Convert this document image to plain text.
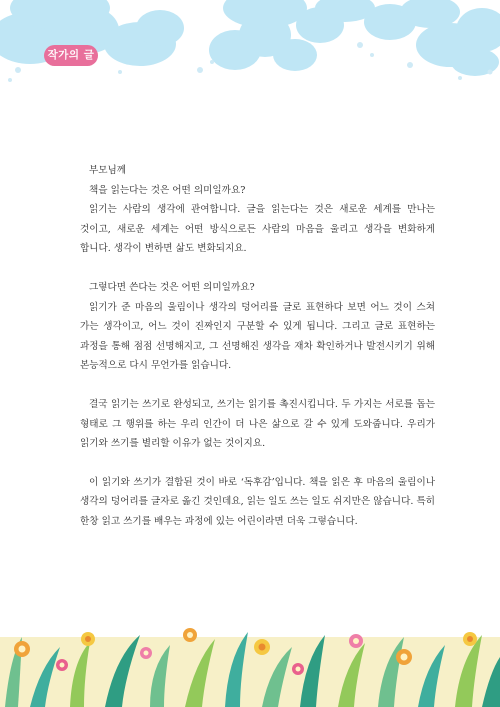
작가의 글

부모님께

책을 읽는다는 것은 어떤 의미일까요?

읽기는 사람의 생각에 관여합니다. 글을 읽는다는 것은 새로운 세계를 만나는 것이고, 새로운 세계는 어떤 방식으로든 사람의 마음을 울리고 생각을 변화하게 합니다. 생각이 변하면 삶도 변화되지요.

그렇다면 쓴다는 것은 어떤 의미일까요?

읽기가 준 마음의 울림이나 생각의 덩어리를 글로 표현하다 보면 어느 것이 스쳐 가는 생각이고, 어느 것이 진짜인지 구분할 수 있게 됩니다. 그리고 글로 표현하는 과정을 통해 점점 선명해지고, 그 선명해진 생각을 재차 확인하거나 발전시키기 위해 본능적으로 다시 무언가를 읽습니다.

결국 읽기는 쓰기로 완성되고, 쓰기는 읽기를 촉진시킵니다. 두 가지는 서로를 돕는 형태로 그 행위를 하는 우리 인간이 더 나은 삶으로 갈 수 있게 도와줍니다. 우리가 읽기와 쓰기를 별리할 이유가 없는 것이지요.

이 읽기와 쓰기가 결합된 것이 바로 ‘독후감’입니다. 책을 읽은 후 마음의 울림이나 생각의 덩어리를 글자로 옮긴 것인데요, 읽는 일도 쓰는 일도 쉬지만은 않습니다. 특히 한창 읽고 쓰기를 배우는 과정에 있는 어린이라면 더욱 그렇습니다.
